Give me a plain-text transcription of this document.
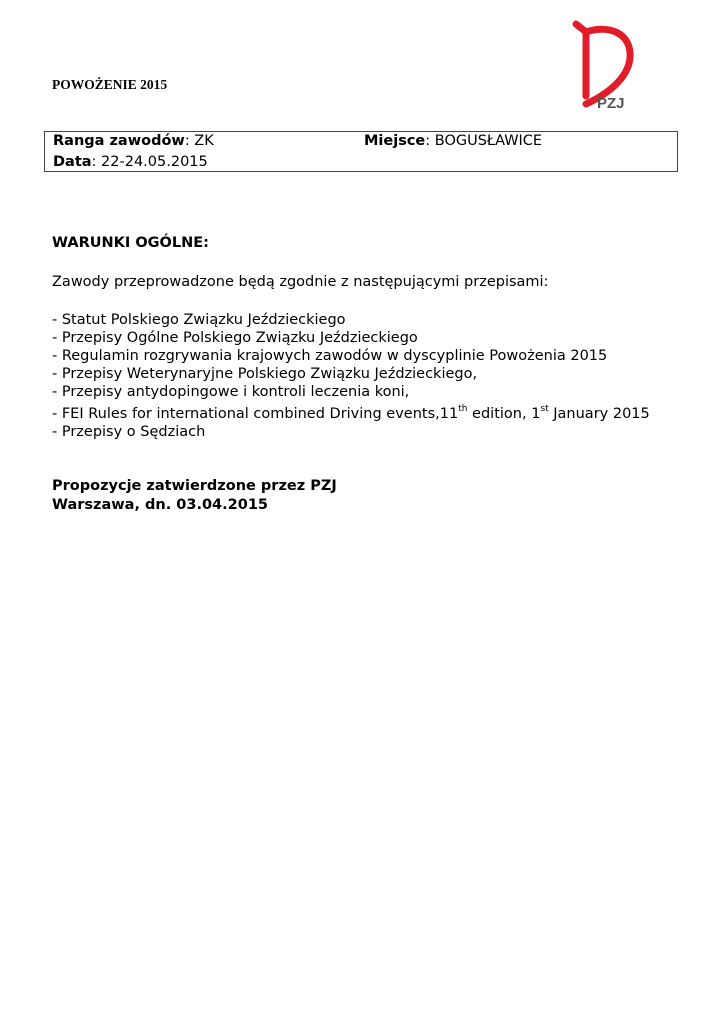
POWOŻENIE 2015
PZJ
Ranga zawodów: ZK	Miejsce: BOGUSŁAWICE
Data: 22-24.05.2015
WARUNKI OGÓLNE:
Zawody przeprowadzone będą zgodnie z następującymi przepisami:
- Statut Polskiego Związku Jeździeckiego
- Przepisy Ogólne Polskiego Związku Jeździeckiego
- Regulamin rozgrywania krajowych zawodów w dyscyplinie Powożenia 2015
- Przepisy Weterynaryjne Polskiego Związku Jeździeckiego,
- Przepisy antydopingowe i kontroli leczenia koni,
- FEI Rules for international combined Driving events,11th edition, 1st January 2015
- Przepisy o Sędziach
Propozycje zatwierdzone przez PZJ
Warszawa, dn. 03.04.2015
